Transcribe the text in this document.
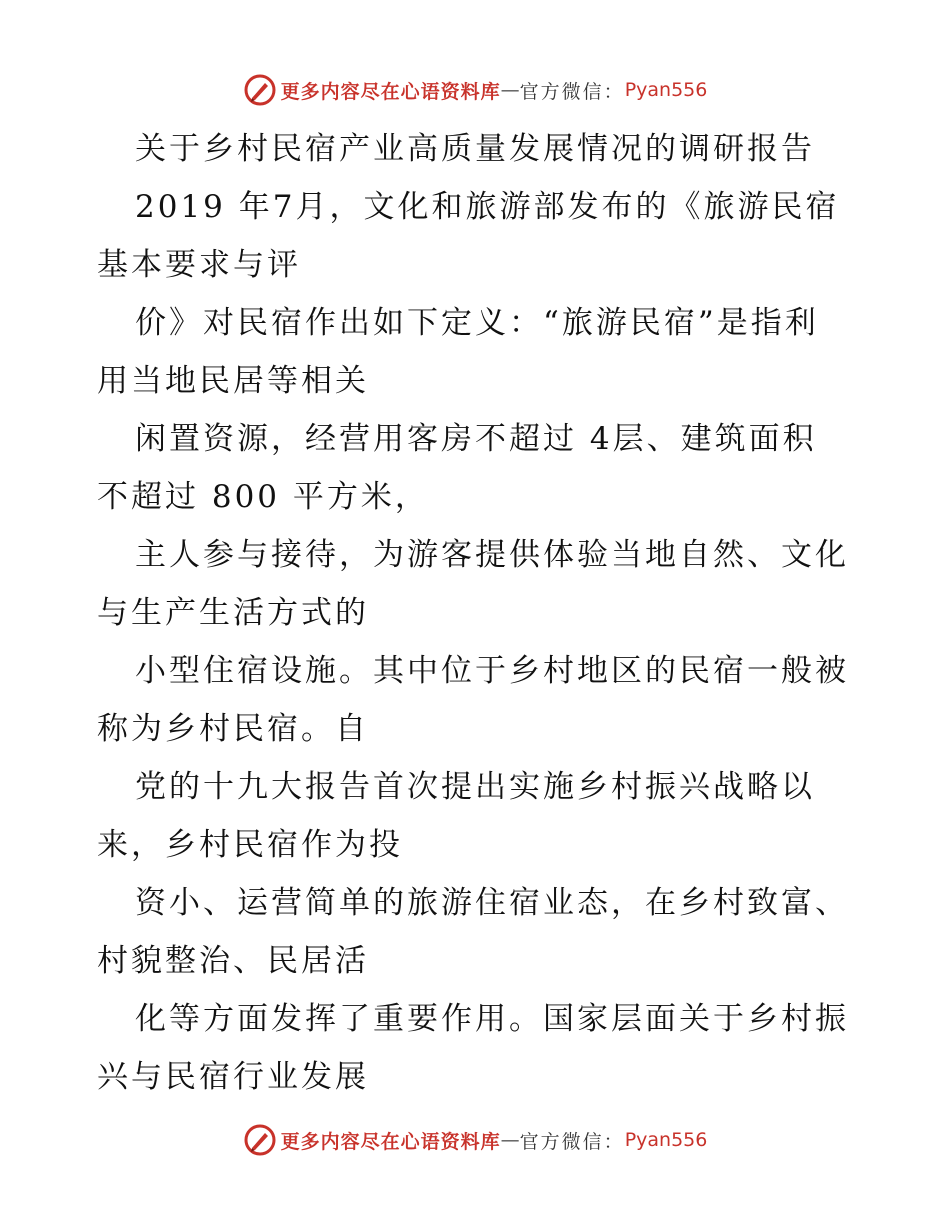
更多内容尽在心语资料库 — 官方微信： Pyan556
关于乡村民宿产业高质量发展情况的调研报告
2019 年7月，文化和旅游部发布的《旅游民宿
基本要求与评
价》对民宿作出如下定义：“旅游民宿”是指利
用当地民居等相关
闲置资源，经营用客房不超过 4层、建筑面积
不超过 800 平方米，
主人参与接待，为游客提供体验当地自然、文化
与生产生活方式的
小型住宿设施。其中位于乡村地区的民宿一般被
称为乡村民宿。自
党的十九大报告首次提出实施乡村振兴战略以
来，乡村民宿作为投
资小、运营简单的旅游住宿业态，在乡村致富、
村貌整治、民居活
化等方面发挥了重要作用。国家层面关于乡村振
兴与民宿行业发展
更多内容尽在心语资料库 — 官方微信： Pyan556
